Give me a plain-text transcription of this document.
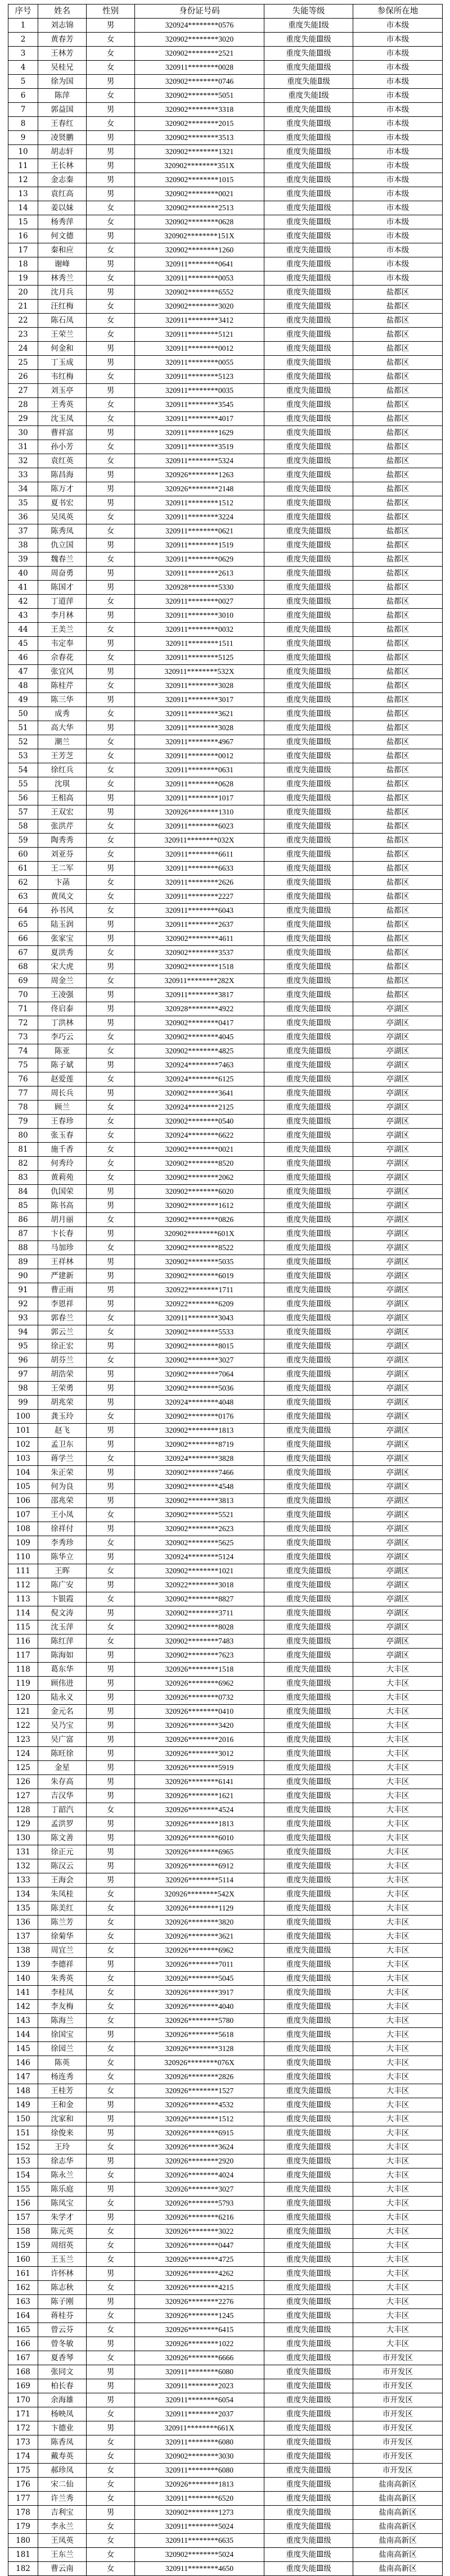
序号	姓名	性别	身份证号码	失能等级	参保所在地
1	刘志锦	男	320924********0576	重度失能Ⅰ级	市本级
2	黄春芳	女	320902********3020	重度失能Ⅲ级	市本级
3	王林芳	女	320902********2521	重度失能Ⅲ级	市本级
4	吴桂兄	女	320911********0028	重度失能Ⅲ级	市本级
5	徐为国	男	320902********0746	重度失能Ⅱ级	市本级
6	陈萍	女	320902********5051	重度失能Ⅰ级	市本级
7	郭益国	男	320902********3318	重度失能Ⅲ级	市本级
8	王春红	女	320902********2015	重度失能Ⅲ级	市本级
9	凌贤鹏	男	320902********3513	重度失能Ⅲ级	市本级
10	胡志轩	男	320902********1321	重度失能Ⅲ级	市本级
11	王长林	男	320902********351X	重度失能Ⅲ级	市本级
12	金志秦	男	320902********1015	重度失能Ⅲ级	市本级
13	袁红高	男	320902********0021	重度失能Ⅲ级	市本级
14	姜以妹	女	320902********2513	重度失能Ⅲ级	市本级
15	杨秀萍	女	320902********0628	重度失能Ⅲ级	市本级
16	何文德	男	320902********151X	重度失能Ⅲ级	市本级
17	秦和应	女	320902********1260	重度失能Ⅲ级	市本级
18	谢峰	男	320911********0641	重度失能Ⅲ级	市本级
19	林秀兰	女	320911********0053	重度失能Ⅲ级	市本级
20	沈月兵	男	320902********6552	重度失能Ⅲ级	盐都区
21	汪红梅	女	320902********3020	重度失能Ⅲ级	盐都区
22	陈石凤	女	320911********3412	重度失能Ⅲ级	盐都区
23	王荣兰	女	320911********5121	重度失能Ⅲ级	盐都区
24	何金和	男	320911********0012	重度失能Ⅲ级	盐都区
25	丁玉成	男	320911********0055	重度失能Ⅲ级	盐都区
26	韦红梅	女	320911********5123	重度失能Ⅲ级	盐都区
27	刘玉亭	男	320911********0035	重度失能Ⅲ级	盐都区
28	王秀英	女	320911********3545	重度失能Ⅲ级	盐都区
29	沈玉凤	女	320911********4017	重度失能Ⅲ级	盐都区
30	曹祥富	男	320911********1629	重度失能Ⅲ级	盐都区
31	孙小芳	女	320911********3519	重度失能Ⅲ级	盐都区
32	袁红英	女	320911********5324	重度失能Ⅲ级	盐都区
33	陈昌海	男	320926********1263	重度失能Ⅲ级	盐都区
34	陈万才	男	320926********2148	重度失能Ⅲ级	盐都区
35	夏书宏	男	320911********1512	重度失能Ⅲ级	盐都区
36	吴凤英	女	320911********3224	重度失能Ⅲ级	盐都区
37	陈秀凤	女	320911********0621	重度失能Ⅲ级	盐都区
38	仇立国	男	320911********1519	重度失能Ⅲ级	盐都区
39	魏春兰	女	320911********0629	重度失能Ⅲ级	盐都区
40	周奋勇	男	320911********2613	重度失能Ⅲ级	盐都区
41	陈国才	男	320928********5330	重度失能Ⅲ级	盐都区
42	丁道萍	女	320911********0027	重度失能Ⅲ级	盐都区
43	李月林	男	320911********3010	重度失能Ⅲ级	盐都区
44	王美兰	女	320911********0032	重度失能Ⅲ级	盐都区
45	韦定奉	男	320911********1511	重度失能Ⅲ级	盐都区
46	佘春花	女	320911********5125	重度失能Ⅲ级	盐都区
47	张宜风	男	320911********532X	重度失能Ⅲ级	盐都区
48	陈桂芹	女	320911********3028	重度失能Ⅲ级	盐都区
49	陈三华	男	320911********3017	重度失能Ⅲ级	盐都区
50	成秀	女	320911********3621	重度失能Ⅲ级	盐都区
51	高大华	男	320911********3028	重度失能Ⅲ级	盐都区
52	潮兰	女	320911********4967	重度失能Ⅲ级	盐都区
53	王芳芝	女	320911********0012	重度失能Ⅲ级	盐都区
54	徐红兵	女	320911********0631	重度失能Ⅲ级	盐都区
55	沈琪	女	320911********0628	重度失能Ⅲ级	盐都区
56	王相高	男	320911********1017	重度失能Ⅲ级	盐都区
57	王双宏	男	320926********1310	重度失能Ⅲ级	盐都区
58	张洪芹	女	320911********6023	重度失能Ⅲ级	盐都区
59	陶秀秀	女	320911********032X	重度失能Ⅲ级	盐都区
60	刘亚芬	女	320911********6611	重度失能Ⅲ级	盐都区
61	王二军	男	320911********6633	重度失能Ⅲ级	盐都区
62	卞菡	女	320911********2626	重度失能Ⅲ级	盐都区
63	黄凤文	女	320911********2227	重度失能Ⅲ级	盐都区
64	孙书风	女	320911********6043	重度失能Ⅲ级	盐都区
65	陆玉润	男	320911********2637	重度失能Ⅲ级	盐都区
66	张家宝	男	320902********4611	重度失能Ⅲ级	盐都区
67	夏洪秀	女	320902********3537	重度失能Ⅲ级	盐都区
68	宋大虎	男	320902********1518	重度失能Ⅲ级	盐都区
69	周金兰	女	320911********282X	重度失能Ⅲ级	盐都区
70	王凌强	男	320911********3817	重度失能Ⅲ级	盐都区
71	佟启泰	男	320928********4922	重度失能Ⅲ级	亭湖区
72	丁洪林	男	320902********0417	重度失能Ⅲ级	亭湖区
73	李巧云	女	320902********4045	重度失能Ⅲ级	亭湖区
74	陈亚	女	320902********4825	重度失能Ⅲ级	亭湖区
75	陈子斌	男	320924********7463	重度失能Ⅲ级	亭湖区
76	赵爱莲	女	320924********6125	重度失能Ⅲ级	亭湖区
77	周长兵	男	320902********3641	重度失能Ⅲ级	亭湖区
78	顾兰	女	320924********2125	重度失能Ⅲ级	亭湖区
79	王春珍	女	320902********0540	重度失能Ⅲ级	亭湖区
80	张玉春	女	320924********6622	重度失能Ⅲ级	亭湖区
81	施千香	女	320902********0021	重度失能Ⅲ级	亭湖区
82	何秀玲	女	320902********8520	重度失能Ⅲ级	亭湖区
83	黄莉苑	女	320902********2062	重度失能Ⅲ级	亭湖区
84	仇国荣	男	320902********6020	重度失能Ⅲ级	亭湖区
85	陈书高	男	320902********1612	重度失能Ⅲ级	亭湖区
86	胡月丽	女	320902********0826	重度失能Ⅲ级	亭湖区
87	卞长春	男	320902********601X	重度失能Ⅲ级	亭湖区
88	马加珍	女	320902********8522	重度失能Ⅲ级	亭湖区
89	王祥林	男	320902********5035	重度失能Ⅲ级	亭湖区
90	严建新	男	320902********6019	重度失能Ⅲ级	亭湖区
91	曹正雨	男	320922********1711	重度失能Ⅲ级	亭湖区
92	李恩祥	男	320922********6209	重度失能Ⅲ级	亭湖区
93	郭春兰	女	320911********3043	重度失能Ⅲ级	亭湖区
94	郭云兰	女	320902********5533	重度失能Ⅲ级	亭湖区
95	徐正宏	男	320902********8015	重度失能Ⅲ级	亭湖区
96	胡芬兰	女	320902********3027	重度失能Ⅲ级	亭湖区
97	胡浩荣	男	320902********7064	重度失能Ⅲ级	亭湖区
98	王荣勇	男	320902********5036	重度失能Ⅲ级	亭湖区
99	胡兆荣	男	320924********4048	重度失能Ⅲ级	亭湖区
100	龚玉玲	女	320902********0176	重度失能Ⅲ级	亭湖区
101	赵飞	男	320902********1813	重度失能Ⅲ级	亭湖区
102	孟卫东	男	320902********8719	重度失能Ⅲ级	亭湖区
103	蒋学兰	女	320924********3828	重度失能Ⅲ级	亭湖区
104	朱正荣	男	320902********7466	重度失能Ⅲ级	亭湖区
105	何为良	男	320902********4548	重度失能Ⅲ级	亭湖区
106	邵兆荣	男	320902********3813	重度失能Ⅲ级	亭湖区
107	王小凤	女	320902********5521	重度失能Ⅲ级	亭湖区
108	徐祥付	男	320902********2623	重度失能Ⅲ级	亭湖区
109	李秀珍	女	320902********5625	重度失能Ⅲ级	亭湖区
110	陈华立	男	320924********5124	重度失能Ⅲ级	亭湖区
111	王晖	女	320902********1021	重度失能Ⅲ级	亭湖区
112	陈广安	男	320922********3018	重度失能Ⅲ级	亭湖区
113	卞银霞	女	320902********8827	重度失能Ⅲ级	亭湖区
114	倪文涛	男	320902********3711	重度失能Ⅲ级	亭湖区
115	沈玉萍	女	320902********8028	重度失能Ⅲ级	亭湖区
116	陈红萍	女	320902********7483	重度失能Ⅲ级	亭湖区
117	陈海如	男	320902********7623	重度失能Ⅲ级	亭湖区
118	葛东华	男	320926********1518	重度失能Ⅲ级	大丰区
119	顾伟进	男	320926********6962	重度失能Ⅲ级	大丰区
120	陆永义	男	320926********0732	重度失能Ⅲ级	大丰区
121	金元名	男	320926********0410	重度失能Ⅲ级	大丰区
122	吴乃宝	男	320926********3420	重度失能Ⅲ级	大丰区
123	吴广富	男	320926********2016	重度失能Ⅲ级	大丰区
124	陈旺徐	男	320926********3012	重度失能Ⅲ级	大丰区
125	金星	男	320926********5919	重度失能Ⅲ级	大丰区
126	朱存高	男	320926********6141	重度失能Ⅲ级	大丰区
127	吉汉华	男	320926********1621	重度失能Ⅲ级	大丰区
128	丁韶汽	女	320926********4524	重度失能Ⅲ级	大丰区
129	孟洪罗	男	320926********1813	重度失能Ⅲ级	大丰区
130	陈文善	男	320926********6010	重度失能Ⅲ级	大丰区
131	徐正元	男	320926********6965	重度失能Ⅲ级	大丰区
132	陈汉云	男	320926********6912	重度失能Ⅲ级	大丰区
133	王海会	男	320926********5114	重度失能Ⅲ级	大丰区
134	朱凤桂	女	320926********542X	重度失能Ⅲ级	大丰区
135	陈美红	女	320926********1129	重度失能Ⅲ级	大丰区
136	陈兰芳	女	320926********3820	重度失能Ⅲ级	大丰区
137	徐菊华	女	320926********3621	重度失能Ⅲ级	大丰区
138	周宜兰	女	320926********6962	重度失能Ⅲ级	大丰区
139	李德祥	男	320926********7011	重度失能Ⅲ级	大丰区
140	朱秀英	女	320926********5045	重度失能Ⅲ级	大丰区
141	李桂凤	女	320926********3917	重度失能Ⅲ级	大丰区
142	李友梅	女	320926********4040	重度失能Ⅲ级	大丰区
143	陈海兰	女	320926********5780	重度失能Ⅲ级	大丰区
144	徐国宝	男	320926********5618	重度失能Ⅲ级	大丰区
145	徐园兰	女	320926********3128	重度失能Ⅲ级	大丰区
146	陈英	女	320926********076X	重度失能Ⅲ级	大丰区
147	杨连秀	女	320926********2826	重度失能Ⅲ级	大丰区
148	王桂芳	女	320926********1527	重度失能Ⅲ级	大丰区
149	王和金	男	320926********4532	重度失能Ⅲ级	大丰区
150	沈家和	男	320926********1512	重度失能Ⅲ级	大丰区
151	徐俊来	男	320926********6915	重度失能Ⅲ级	大丰区
152	王玲	女	320926********3624	重度失能Ⅲ级	大丰区
153	徐志华	男	320926********2920	重度失能Ⅲ级	大丰区
154	陈永兰	女	320926********4024	重度失能Ⅲ级	大丰区
155	陈乐庭	男	320926********3027	重度失能Ⅲ级	大丰区
156	陈凤宝	女	320926********5793	重度失能Ⅲ级	大丰区
157	朱学才	男	320926********6216	重度失能Ⅲ级	大丰区
158	陈元英	女	320926********3022	重度失能Ⅲ级	大丰区
159	周绍英	女	320926********0447	重度失能Ⅲ级	大丰区
160	王玉兰	女	320926********4725	重度失能Ⅲ级	大丰区
161	许怀林	男	320926********4262	重度失能Ⅲ级	大丰区
162	陈志秋	女	320926********4215	重度失能Ⅲ级	大丰区
163	陈子刚	男	320926********2276	重度失能Ⅲ级	大丰区
164	蒋桂芬	女	320926********1245	重度失能Ⅲ级	大丰区
165	曾云芬	女	320926********6415	重度失能Ⅲ级	大丰区
166	曾冬敏	男	320926********1022	重度失能Ⅲ级	大丰区
167	夏香琴	女	320926********6666	重度失能Ⅲ级	市开发区
168	张同文	男	320911********6080	重度失能Ⅲ级	市开发区
169	柏长春	男	320911********2023	重度失能Ⅲ级	市开发区
170	余海雄	男	320911********6054	重度失能Ⅲ级	市开发区
171	杨映凤	女	320911********2037	重度失能Ⅲ级	市开发区
172	卞德业	男	320911********661X	重度失能Ⅲ级	市开发区
173	陈香凤	女	320911********6080	重度失能Ⅲ级	市开发区
174	戴寿英	女	320902********3030	重度失能Ⅲ级	市开发区
175	郝珍凤	女	320911********6080	重度失能Ⅲ级	市开发区
176	宋二仙	女	320926********1813	重度失能Ⅲ级	盐南高新区
177	许兰秀	女	320911********6520	重度失能Ⅲ级	盐南高新区
178	吉利宝	男	320902********1273	重度失能Ⅲ级	盐南高新区
179	李永兰	女	320911********5024	重度失能Ⅲ级	盐南高新区
180	王凤英	女	320911********6635	重度失能Ⅲ级	盐南高新区
181	王东兰	女	320902********5024	重度失能Ⅲ级	盐南高新区
182	曹云南	女	320911********4650	重度失能Ⅲ级	盐南高新区
